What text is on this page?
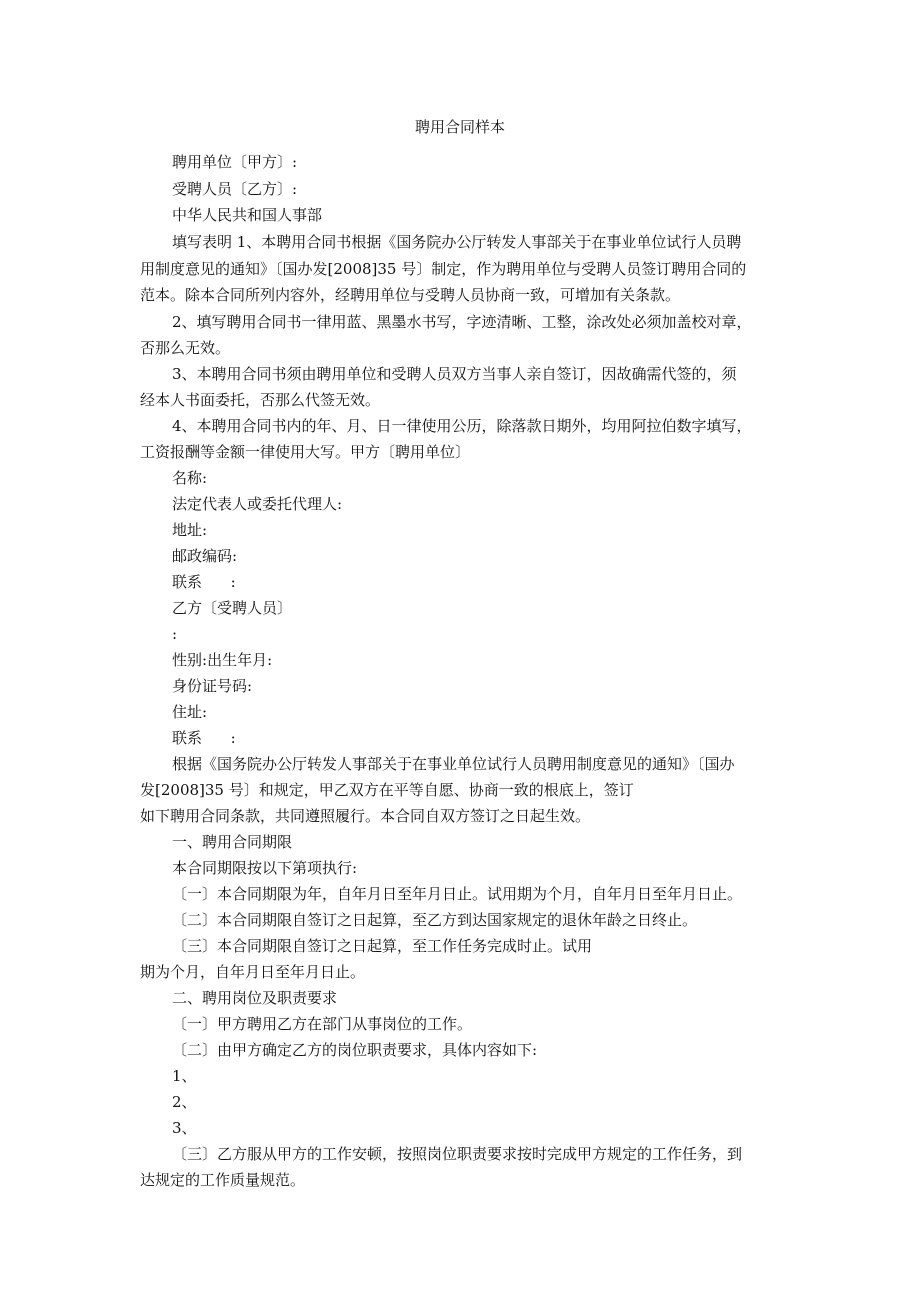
聘用合同样本
聘用单位〔甲方〕:
受聘人员〔乙方〕:
中华人民共和国人事部
填写表明 1、本聘用合同书根据《国务院办公厅转发人事部关于在事业单位试行人员聘
用制度意见的通知》〔国办发[2008]35 号〕制定，作为聘用单位与受聘人员签订聘用合同的
范本。除本合同所列内容外，经聘用单位与受聘人员协商一致，可增加有关条款。
2、填写聘用合同书一律用蓝、黑墨水书写，字迹清晰、工整，涂改处必须加盖校对章，
否那么无效。
3、本聘用合同书须由聘用单位和受聘人员双方当事人亲自签订，因故确需代签的，须
经本人书面委托，否那么代签无效。
4、本聘用合同书内的年、月、日一律使用公历，除落款日期外，均用阿拉伯数字填写，
工资报酬等金额一律使用大写。甲方〔聘用单位〕
名称:
法定代表人或委托代理人:
地址:
邮政编码:
联系      :
乙方〔受聘人员〕
:
性别:出生年月:
身份证号码:
住址:
联系      :
根据《国务院办公厅转发人事部关于在事业单位试行人员聘用制度意见的通知》〔国办
发[2008]35 号〕和规定，甲乙双方在平等自愿、协商一致的根底上，签订
如下聘用合同条款，共同遵照履行。本合同自双方签订之日起生效。
一、聘用合同期限
本合同期限按以下第项执行:
〔一〕本合同期限为年，自年月日至年月日止。试用期为个月，自年月日至年月日止。
〔二〕本合同期限自签订之日起算，至乙方到达国家规定的退休年龄之日终止。
〔三〕本合同期限自签订之日起算，至工作任务完成时止。试用
期为个月，自年月日至年月日止。
二、聘用岗位及职责要求
〔一〕甲方聘用乙方在部门从事岗位的工作。
〔二〕由甲方确定乙方的岗位职责要求，具体内容如下:
1、
2、
3、
〔三〕乙方服从甲方的工作安顿，按照岗位职责要求按时完成甲方规定的工作任务，到
达规定的工作质量规范。
